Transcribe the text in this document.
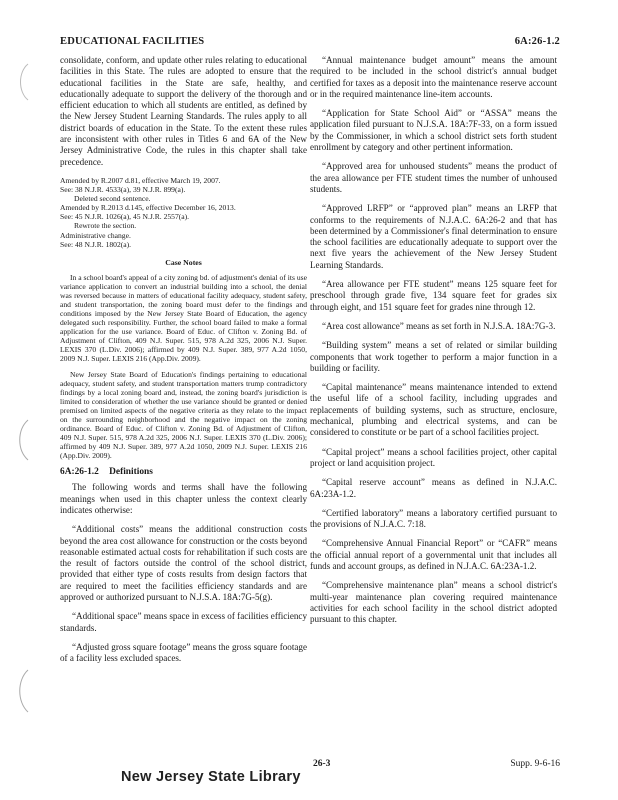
EDUCATIONAL FACILITIES	6A:26-1.2

consolidate, conform, and update other rules relating to educational facilities in this State. The rules are adopted to ensure that the educational facilities in the State are safe, healthy, and educationally adequate to support the delivery of the thorough and efficient education to which all students are entitled, as defined by the New Jersey Student Learning Standards. The rules apply to all district boards of education in the State. To the extent these rules are inconsistent with other rules in Titles 6 and 6A of the New Jersey Administrative Code, the rules in this chapter shall take precedence.

Amended by R.2007 d.81, effective March 19, 2007.
See: 38 N.J.R. 4533(a), 39 N.J.R. 899(a).
Deleted second sentence.
Amended by R.2013 d.145, effective December 16, 2013.
See: 45 N.J.R. 1026(a), 45 N.J.R. 2557(a).
Rewrote the section.
Administrative change.
See: 48 N.J.R. 1802(a).
Case Notes

In a school board's appeal of a city zoning bd. of adjustment's denial of its use variance application to convert an industrial building into a school, the denial was reversed because in matters of educational facility adequacy, student safety, and student transportation, the zoning board must defer to the findings and conditions imposed by the New Jersey State Board of Education, the agency delegated such responsibility. Further, the school board failed to make a formal application for the use variance. Board of Educ. of Clifton v. Zoning Bd. of Adjustment of Clifton, 409 N.J. Super. 515, 978 A.2d 325, 2006 N.J. Super. LEXIS 370 (L.Div. 2006); affirmed by 409 N.J. Super. 389, 977 A.2d 1050, 2009 N.J. Super. LEXIS 216 (App.Div. 2009).

New Jersey State Board of Education's findings pertaining to educational adequacy, student safety, and student transportation matters trump contradictory findings by a local zoning board and, instead, the zoning board's jurisdiction is limited to consideration of whether the use variance should be granted or denied premised on limited aspects of the negative criteria as they relate to the impact on the surrounding neighborhood and the negative impact on the zoning ordinance. Board of Educ. of Clifton v. Zoning Bd. of Adjustment of Clifton, 409 N.J. Super. 515, 978 A.2d 325, 2006 N.J. Super. LEXIS 370 (L.Div. 2006); affirmed by 409 N.J. Super. 389, 977 A.2d 1050, 2009 N.J. Super. LEXIS 216 (App.Div. 2009).

6A:26-1.2 Definitions

The following words and terms shall have the following meanings when used in this chapter unless the context clearly indicates otherwise:

“Additional costs” means the additional construction costs beyond the area cost allowance for construction or the costs beyond reasonable estimated actual costs for rehabilitation if such costs are the result of factors outside the control of the school district, provided that either type of costs results from design factors that are required to meet the facilities efficiency standards and are approved or authorized pursuant to N.J.S.A. 18A:7G-5(g).

“Additional space” means space in excess of facilities efficiency standards.

“Adjusted gross square footage” means the gross square footage of a facility less excluded spaces.

“Annual maintenance budget amount” means the amount required to be included in the school district's annual budget certified for taxes as a deposit into the maintenance reserve account or in the required maintenance line-item accounts.

“Application for State School Aid” or “ASSA” means the application filed pursuant to N.J.S.A. 18A:7F-33, on a form issued by the Commissioner, in which a school district sets forth student enrollment by category and other pertinent information.

“Approved area for unhoused students” means the product of the area allowance per FTE student times the number of unhoused students.

“Approved LRFP” or “approved plan” means an LRFP that conforms to the requirements of N.J.A.C. 6A:26-2 and that has been determined by a Commissioner's final determination to ensure the school facilities are educationally adequate to support over the next five years the achievement of the New Jersey Student Learning Standards.

“Area allowance per FTE student” means 125 square feet for preschool through grade five, 134 square feet for grades six through eight, and 151 square feet for grades nine through 12.

“Area cost allowance” means as set forth in N.J.S.A. 18A:7G-3.

“Building system” means a set of related or similar building components that work together to perform a major function in a building or facility.

“Capital maintenance” means maintenance intended to extend the useful life of a school facility, including upgrades and replacements of building systems, such as structure, enclosure, mechanical, plumbing and electrical systems, and can be considered to constitute or be part of a school facilities project.

“Capital project” means a school facilities project, other capital project or land acquisition project.

“Capital reserve account” means as defined in N.J.A.C. 6A:23A-1.2.

“Certified laboratory” means a laboratory certified pursuant to the provisions of N.J.A.C. 7:18.

“Comprehensive Annual Financial Report” or “CAFR” means the official annual report of a governmental unit that includes all funds and account groups, as defined in N.J.A.C. 6A:23A-1.2.

“Comprehensive maintenance plan” means a school district's multi-year maintenance plan covering required maintenance activities for each school facility in the school district adopted pursuant to this chapter.

26-3	Supp. 9-6-16
New Jersey State Library
